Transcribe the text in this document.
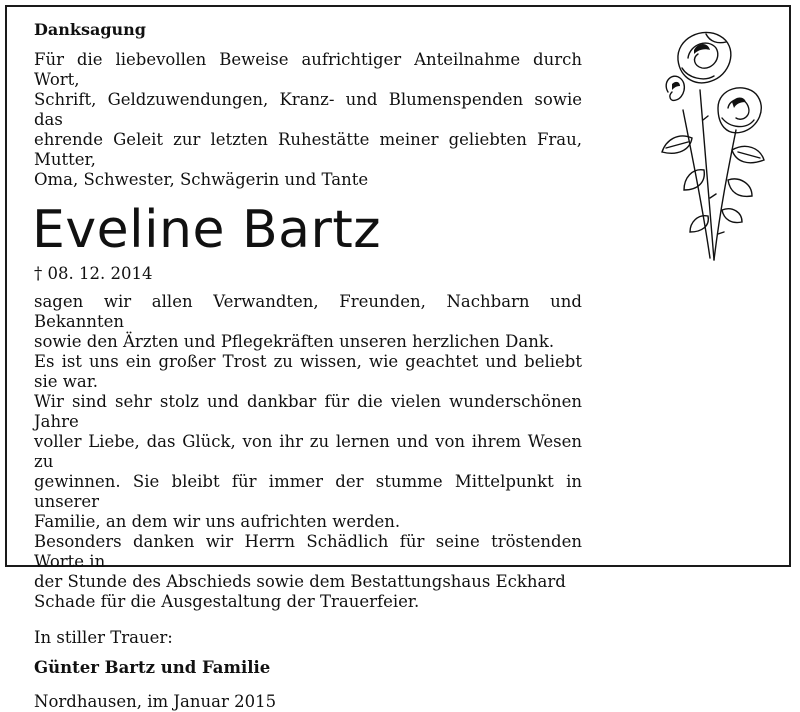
Danksagung
Für die liebevollen Beweise aufrichtiger Anteilnahme durch Wort,
Schrift, Geldzuwendungen, Kranz- und Blumenspenden sowie das
ehrende Geleit zur letzten Ruhestätte meiner geliebten Frau, Mutter,
Oma, Schwester, Schwägerin und Tante
Eveline Bartz
† 08. 12. 2014
sagen wir allen Verwandten, Freunden, Nachbarn und Bekannten
sowie den Ärzten und Pflegekräften unseren herzlichen Dank.
Es ist uns ein großer Trost zu wissen, wie geachtet und beliebt sie war.
Wir sind sehr stolz und dankbar für die vielen wunderschönen Jahre
voller Liebe, das Glück, von ihr zu lernen und von ihrem Wesen zu
gewinnen. Sie bleibt für immer der stumme Mittelpunkt in unserer
Familie, an dem wir uns aufrichten werden.
Besonders danken wir Herrn Schädlich für seine tröstenden Worte in
der Stunde des Abschieds sowie dem Bestattungshaus Eckhard
Schade für die Ausgestaltung der Trauerfeier.
In stiller Trauer:
Günter Bartz und Familie
Nordhausen, im Januar 2015
